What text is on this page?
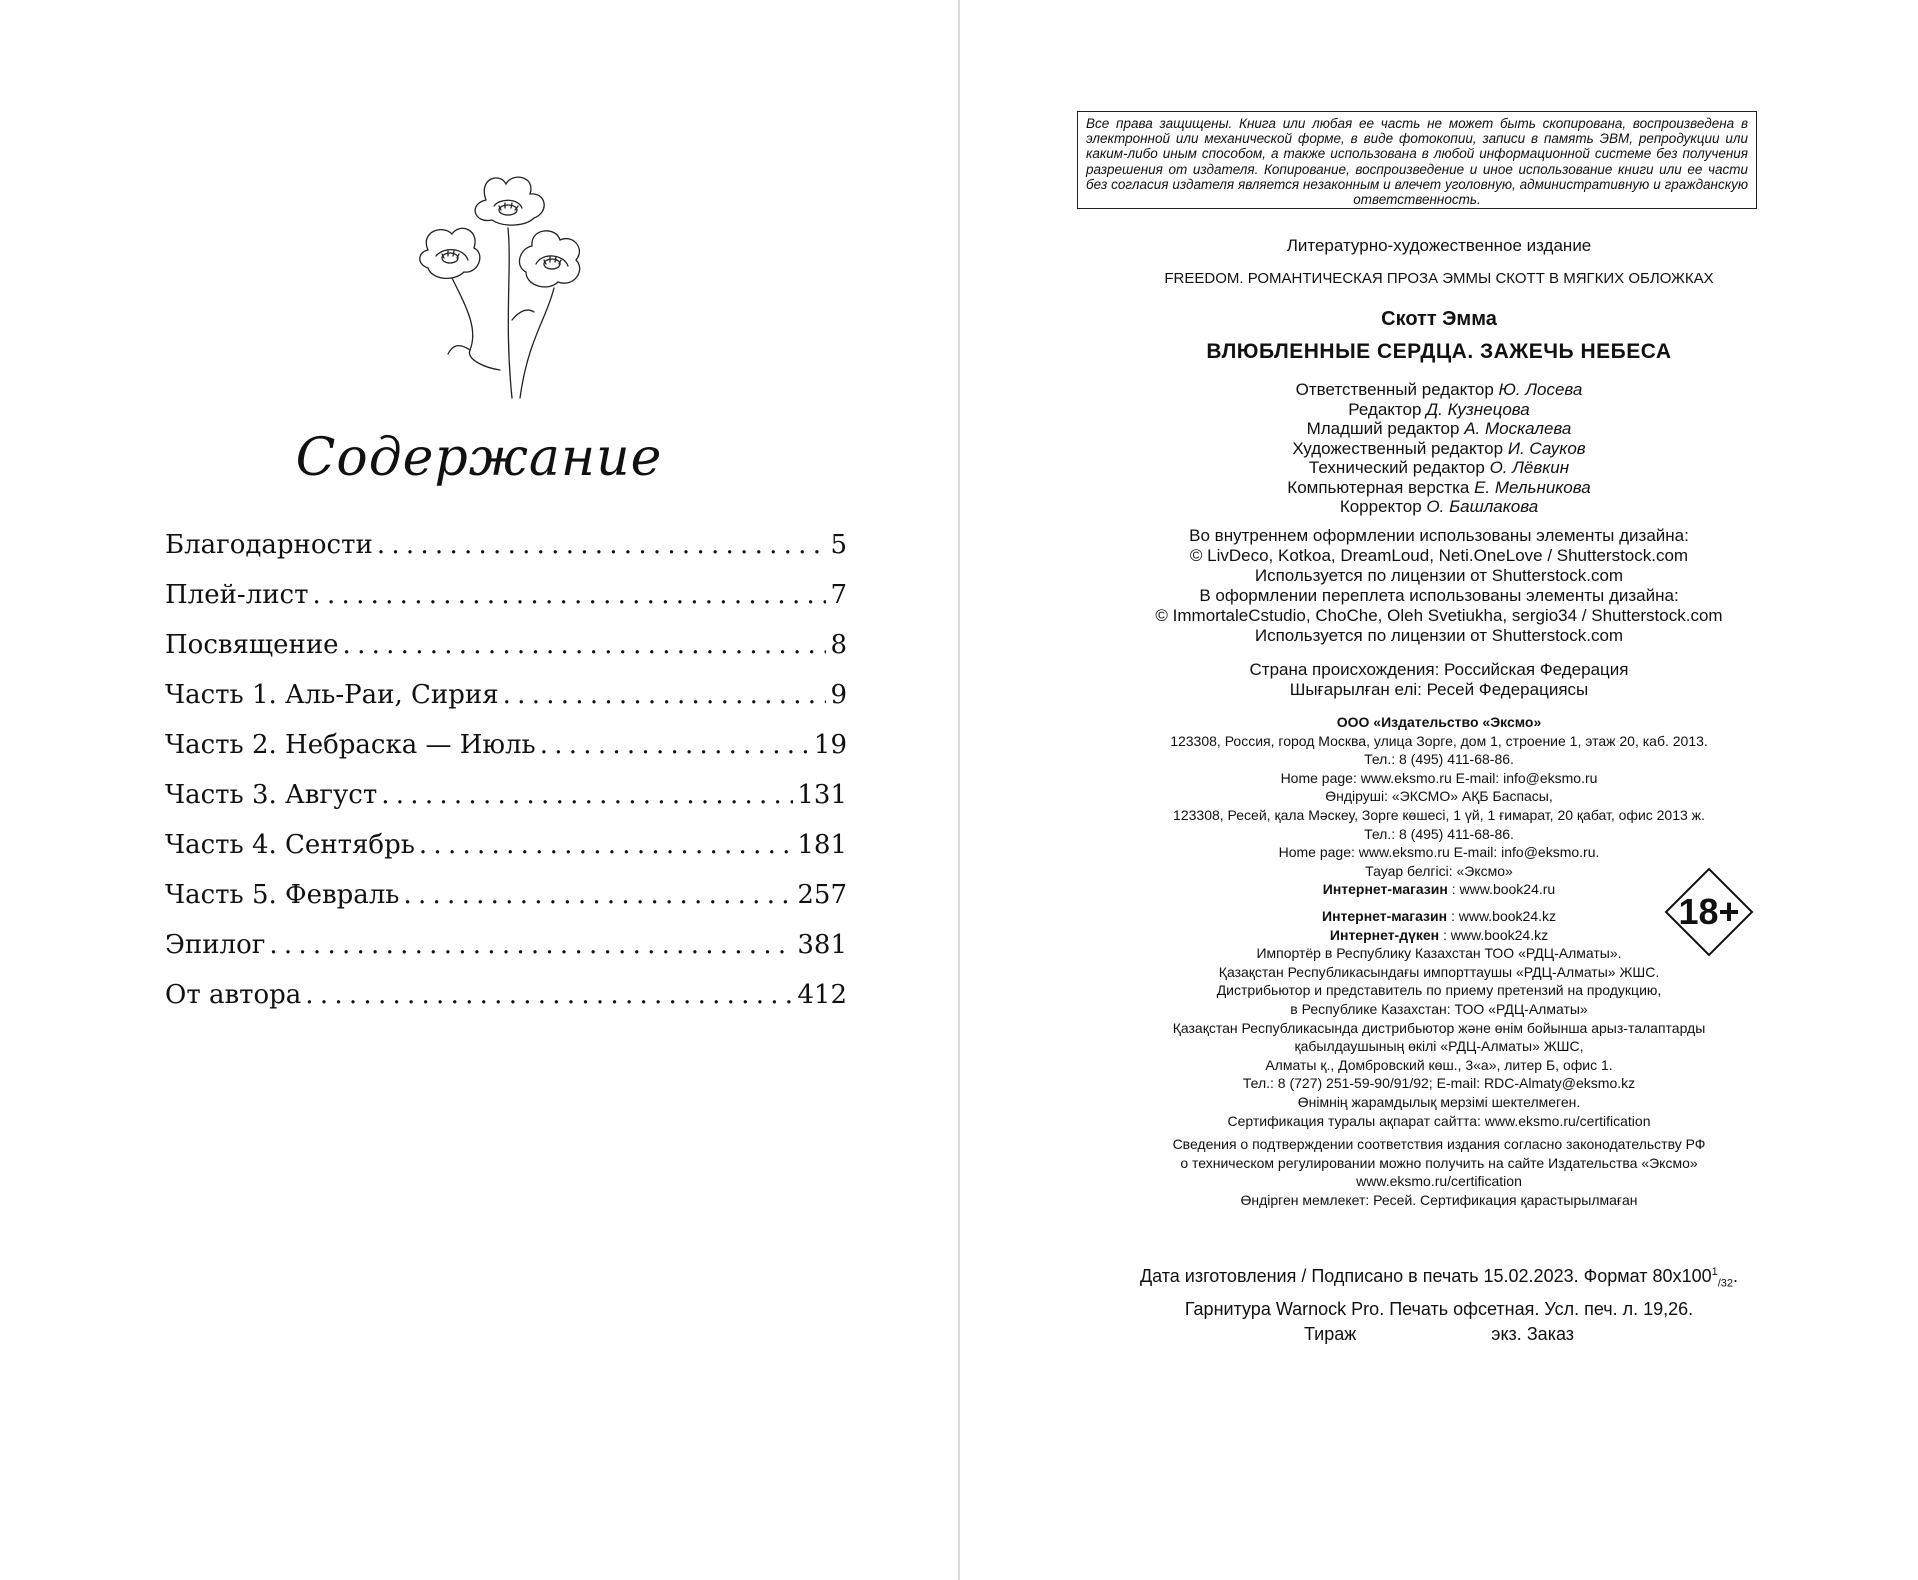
Содержание
Благодарности . . .	5
Плей-лист . . .	7
Посвящение . . .	8
Часть 1. Аль-Раи, Сирия . . .	9
Часть 2. Небраска — Июль . . .	19
Часть 3. Август . . .	131
Часть 4. Сентябрь . . .	181
Часть 5. Февраль . . .	257
Эпилог . . .	381
От автора . . .	412
Все права защищены. Книга или любая ее часть не может быть скопирована, воспроизведена в электронной или механической форме, в виде фотокопии, записи в память ЭВМ, репродукции или каким-либо иным способом, а также использована в любой информационной системе без получения разрешения от издателя. Копирование, воспроизведение и иное использование книги или ее части без согласия издателя является незаконным и влечет уголовную, административную и гражданскую ответственность.
Литературно-художественное издание
FREEDOM. РОМАНТИЧЕСКАЯ ПРОЗА ЭММЫ СКОТТ В МЯГКИХ ОБЛОЖКАХ
Скотт Эмма
ВЛЮБЛЕННЫЕ СЕРДЦА. ЗАЖЕЧЬ НЕБЕСА
Ответственный редактор Ю. Лосева
Редактор Д. Кузнецова
Младший редактор А. Москалева
Художественный редактор И. Сауков
Технический редактор О. Лёвкин
Компьютерная верстка Е. Мельникова
Корректор О. Башлакова
Во внутреннем оформлении использованы элементы дизайна:
© LivDeco, Kotkoa, DreamLoud, Neti.OneLove / Shutterstock.com
Используется по лицензии от Shutterstock.com
В оформлении переплета использованы элементы дизайна:
© ImmortaleCstudio, ChoChe, Oleh Svetiukha, sergio34 / Shutterstock.com
Используется по лицензии от Shutterstock.com
Страна происхождения: Российская Федерация
Шығарылған елі: Ресей Федерациясы
ООО «Издательство «Эксмо»
123308, Россия, город Москва, улица Зорге, дом 1, строение 1, этаж 20, каб. 2013.
Тел.: 8 (495) 411-68-86.
Home page: www.eksmo.ru E-mail: info@eksmo.ru
Өндіруші: «ЭКСМО» АҚБ Баспасы,
123308, Ресей, қала Мәскеу, Зорге көшесі, 1 үй, 1 ғимарат, 20 қабат, офис 2013 ж.
Тел.: 8 (495) 411-68-86.
Home page: www.eksmo.ru E-mail: info@eksmo.ru.
Тауар белгісі: «Эксмо»
Интернет-магазин : www.book24.ru
Интернет-магазин : www.book24.kz
Интернет-дүкен : www.book24.kz
Импортёр в Республику Казахстан ТОО «РДЦ-Алматы».
Қазақстан Республикасындағы импорттаушы «РДЦ-Алматы» ЖШС.
Дистрибьютор и представитель по приему претензий на продукцию,
в Республике Казахстан: ТОО «РДЦ-Алматы»
Қазақстан Республикасында дистрибьютор және өнім бойынша арыз-талаптарды
қабылдаушының өкілі «РДЦ-Алматы» ЖШС,
Алматы қ., Домбровский көш., 3«а», литер Б, офис 1.
Тел.: 8 (727) 251-59-90/91/92; E-mail: RDC-Almaty@eksmo.kz
Өнімнің жарамдылық мерзімі шектелмеген.
Сертификация туралы ақпарат сайтта: www.eksmo.ru/certification
Сведения о подтверждении соответствия издания согласно законодательству РФ
о техническом регулировании можно получить на сайте Издательства «Эксмо»
www.eksmo.ru/certification
Өндірген мемлекет: Ресей. Сертификация қарастырылмаған
Дата изготовления / Подписано в печать 15.02.2023. Формат $80x100^1_{/32}$.
Гарнитура Warnock Pro. Печать офсетная. Усл. печ. л. 19,26.
Тираж	экз. Заказ
18+
